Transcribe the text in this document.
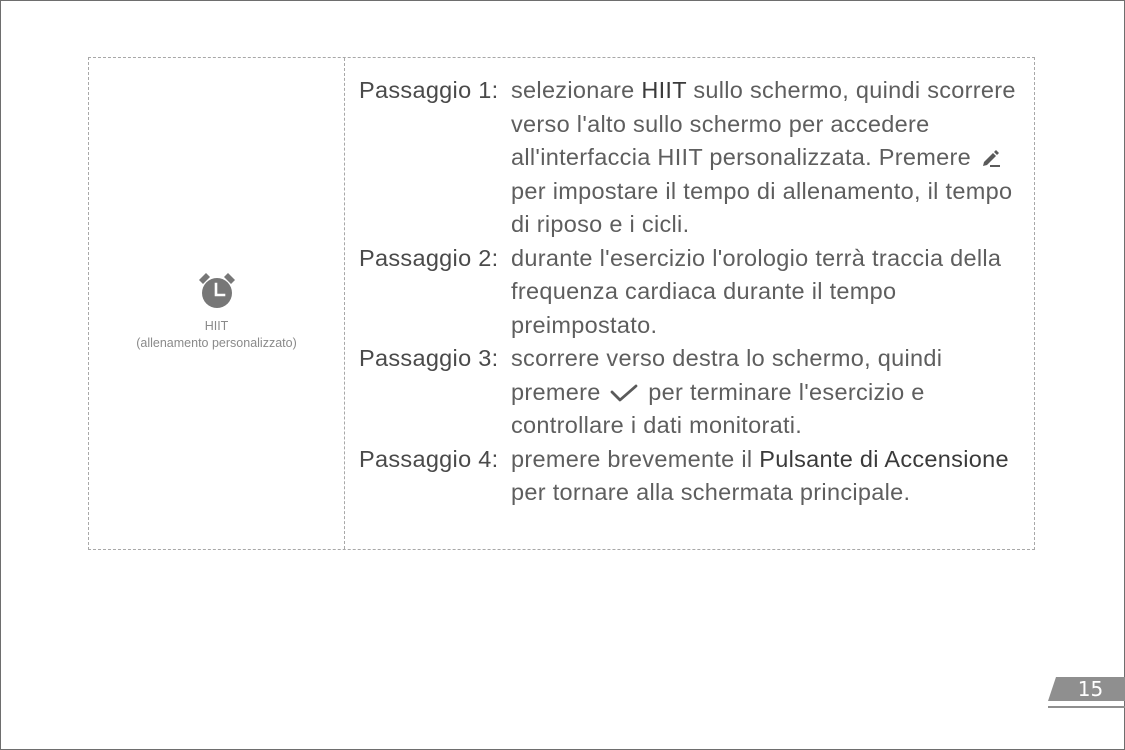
HIIT
(allenamento personalizzato)
Passaggio 1: selezionare HIIT sullo schermo, quindi scorrere verso l'alto sullo schermo per accedere all'interfaccia HIIT personalizzata. Premere  per impostare il tempo di allenamento, il tempo di riposo e i cicli.
Passaggio 2: durante l'esercizio l'orologio terrà traccia della frequenza cardiaca durante il tempo preimpostato.
Passaggio 3: scorrere verso destra lo schermo, quindi premere  per terminare l'esercizio e controllare i dati monitorati.
Passaggio 4: premere brevemente il Pulsante di Accensione per tornare alla schermata principale.
15
